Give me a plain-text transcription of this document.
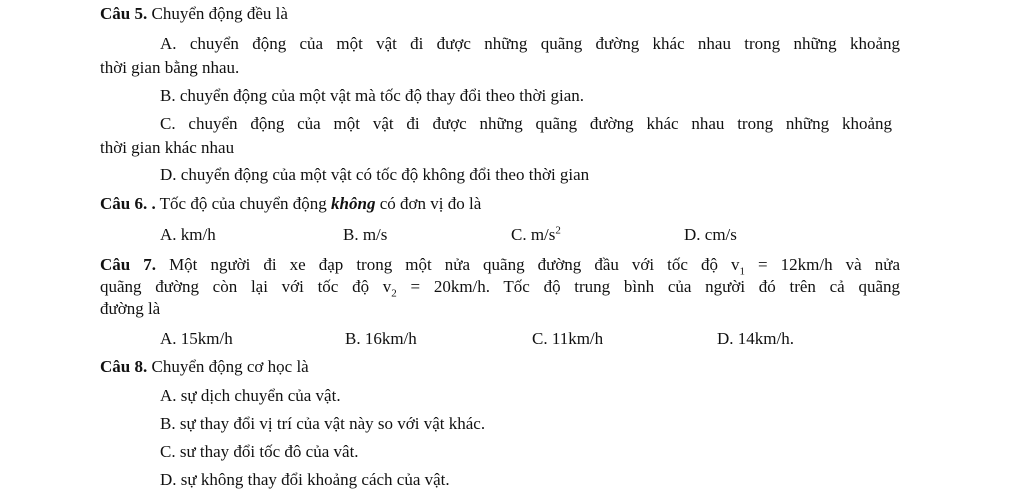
Câu 5. Chuyển động đều là
A. chuyển động của một vật đi được những quãng đường khác nhau trong những khoảng
thời gian bằng nhau.
B. chuyển động của một vật mà tốc độ thay đổi theo thời gian.
C. chuyển động của một vật đi được những quãng đường khác nhau trong những khoảng
thời gian khác nhau
D. chuyển động của một vật có tốc độ không đổi theo thời gian
Câu 6. . Tốc độ của chuyển động không có đơn vị đo là
A. km/h	B. m/s	C. $m/s^2$	D. cm/s
Câu 7. Một người đi xe đạp trong một nửa quãng đường đầu với tốc độ $v_1 = 12km/h$ và nửa
quãng đường còn lại với tốc độ $v_2 = 20km/h$. Tốc độ trung bình của người đó trên cả quãng
đường là
A. 15km/h	B. 16km/h	C. 11km/h	D. 14km/h.
Câu 8. Chuyển động cơ học là
A. sự dịch chuyển của vật.
B. sự thay đổi vị trí của vật này so với vật khác.
C. sư thay đổi tốc đô của vât.
D. sự không thay đổi khoảng cách của vật.
